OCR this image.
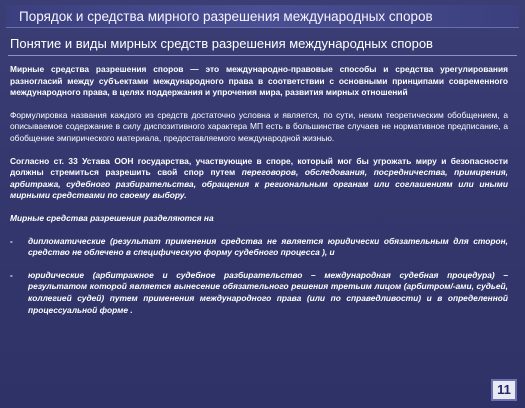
Порядок и средства мирного разрешения международных споров
Понятие и виды мирных средств разрешения международных споров

Мирные средства разрешения споров — это международно-правовые способы и средства урегулирования разногласий между субъектами международного права в соответствии с основными принципами современного международного права, в целях поддержания и упрочения мира, развития мирных отношений

Формулировка названия каждого из средств достаточно условна и является, по сути, неким теоретическим обобщением, а описываемое содержание в силу диспозитивного характера МП есть в большинстве случаев не нормативное предписание, а обобщение эмпирического материала, предоставляемого международной жизнью.

Согласно ст. 33 Устава ООН государства, участвующие в споре, который мог бы угрожать миру и безопасности должны стремиться разрешить свой спор путем переговоров, обследования, посредничества, примирения, арбитража, судебного разбирательства, обращения к региональным органам или соглашениям или иными мирными средствами по своему выбору.

Мирные средства разрешения разделяются на

- дипломатические (результат применения средства не является юридически обязательным для сторон, средство не облечено в специфическую форму судебного процесса ), и
- юридические (арбитражное и судебное разбирательство – международная судебная процедура) – результатом которой является вынесение обязательного решения третьим лицом (арбитром/-ами, судьей, коллегией судей) путем применения международного права (или по справедливости) и в определенной процессуальной форме .
11
